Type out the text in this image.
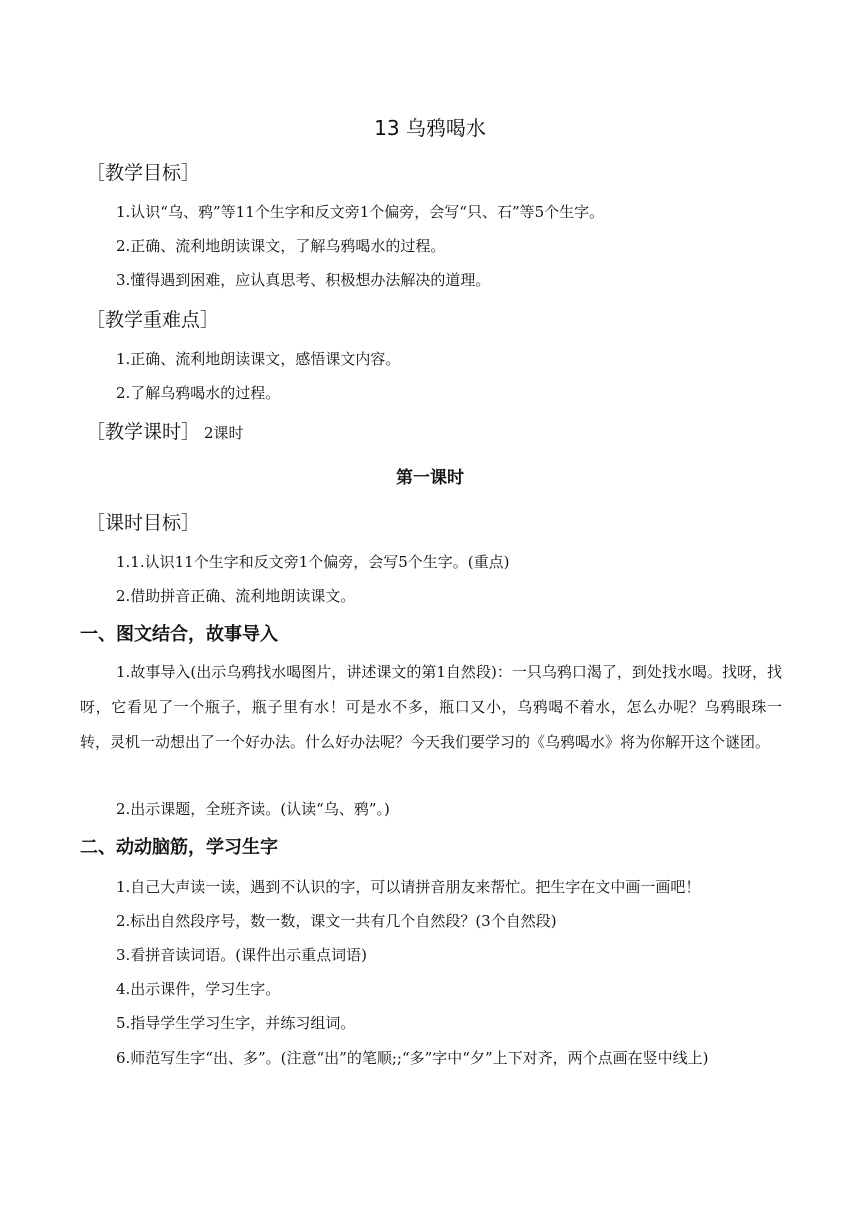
13 乌鸦喝水
［教学目标］
1.认识“乌、鸦”等11个生字和反文旁1个偏旁，会写“只、石”等5个生字。
2.正确、流利地朗读课文，了解乌鸦喝水的过程。
3.懂得遇到困难，应认真思考、积极想办法解决的道理。
［教学重难点］
1.正确、流利地朗读课文，感悟课文内容。
2.了解乌鸦喝水的过程。
［教学课时］ 2课时
第一课时
［课时目标］
1.1.认识11个生字和反文旁1个偏旁，会写5个生字。(重点)
2.借助拼音正确、流利地朗读课文。
一、图文结合，故事导入
1.故事导入(出示乌鸦找水喝图片，讲述课文的第1自然段)：一只乌鸦口渴了，到处找水喝。找呀，找呀，它看见了一个瓶子，瓶子里有水！可是水不多，瓶口又小，乌鸦喝不着水，怎么办呢？乌鸦眼珠一转，灵机一动想出了一个好办法。什么好办法呢？今天我们要学习的《乌鸦喝水》将为你解开这个谜团。
2.出示课题，全班齐读。(认读“乌、鸦”。)
二、动动脑筋，学习生字
1.自己大声读一读，遇到不认识的字，可以请拼音朋友来帮忙。把生字在文中画一画吧！
2.标出自然段序号，数一数，课文一共有几个自然段？(3个自然段)
3.看拼音读词语。(课件出示重点词语)
4.出示课件，学习生字。
5.指导学生学习生字，并练习组词。
6.师范写生字“出、多”。(注意“出”的笔顺;;“多”字中“夕”上下对齐，两个点画在竖中线上)
